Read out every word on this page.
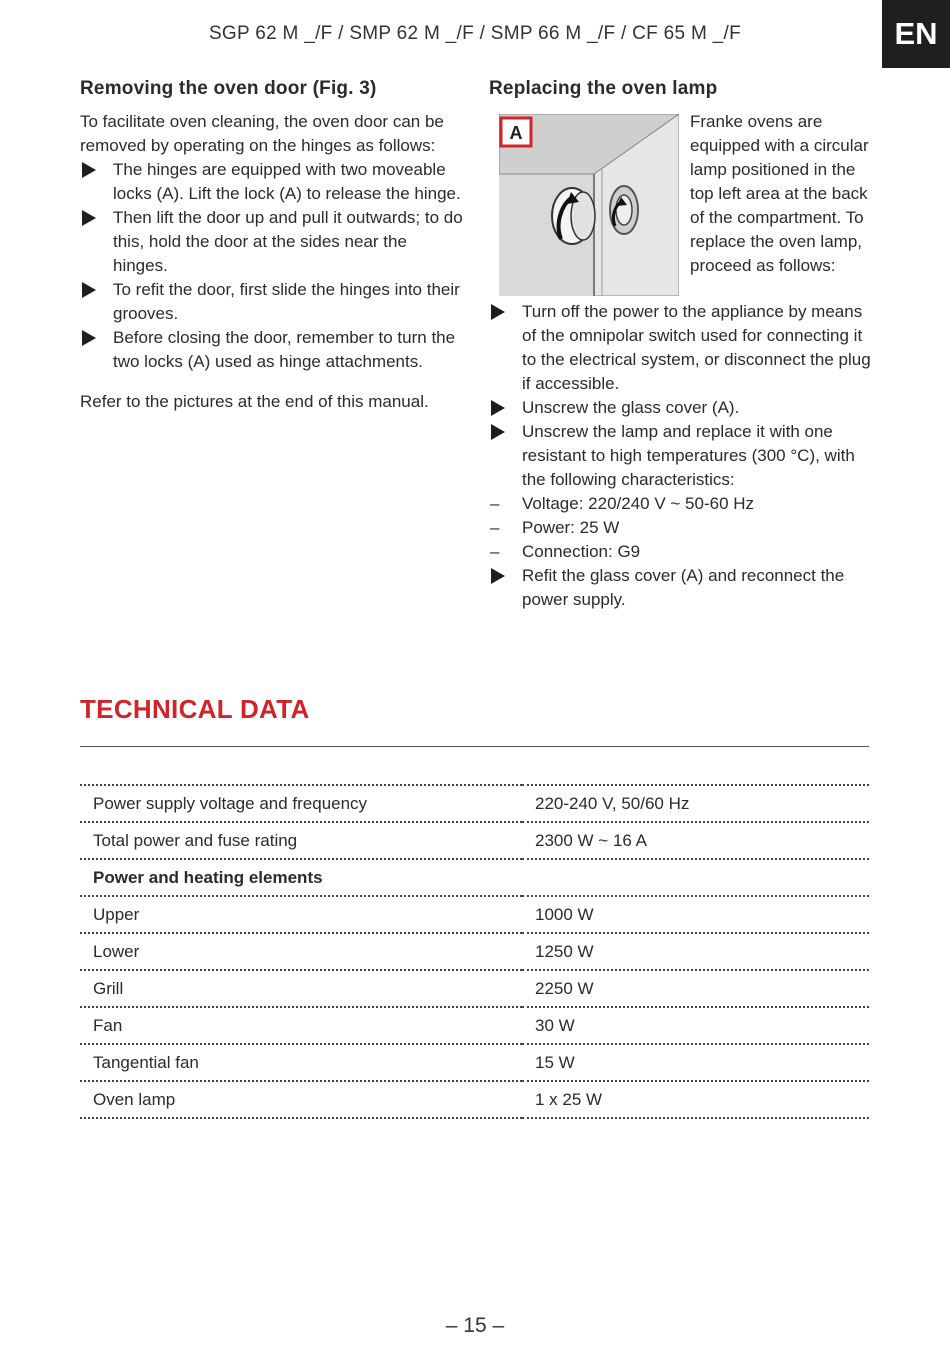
SGP 62 M _/F / SMP 62 M _/F / SMP 66 M _/F / CF 65 M _/F	EN
Removing the oven door (Fig. 3)

To facilitate oven cleaning, the oven door can be removed by operating on the hinges as follows:

The hinges are equipped with two moveable locks (A). Lift the lock (A) to release the hinge.
Then lift the door up and pull it outwards; to do this, hold the door at the sides near the hinges.
To refit the door, first slide the hinges into their grooves.
Before closing the door, remember to turn the two locks (A) used as hinge attachments.

Refer to the pictures at the end of this manual.

Replacing the oven lamp
A
Franke ovens are equipped with a circular lamp positioned in the top left area at the back of the compartment. To replace the oven lamp, proceed as follows:
Turn off the power to the appliance by means of the omnipolar switch used for connecting it to the electrical system, or disconnect the plug if accessible.
Unscrew the glass cover (A).
Unscrew the lamp and replace it with one resistant to high temperatures (300 °C), with the following characteristics:
– Voltage: 220/240 V ~ 50-60 Hz
– Power: 25 W
– Connection: G9
Refit the glass cover (A) and reconnect the power supply.
TECHNICAL DATA
Power supply voltage and frequency	220-240 V, 50/60 Hz
Total power and fuse rating	2300 W ~ 16 A
Power and heating elements	
Upper	1000 W
Lower	1250 W
Grill	2250 W
Fan	30 W
Tangential fan	15 W
Oven lamp	1 x 25 W
– 15 –
